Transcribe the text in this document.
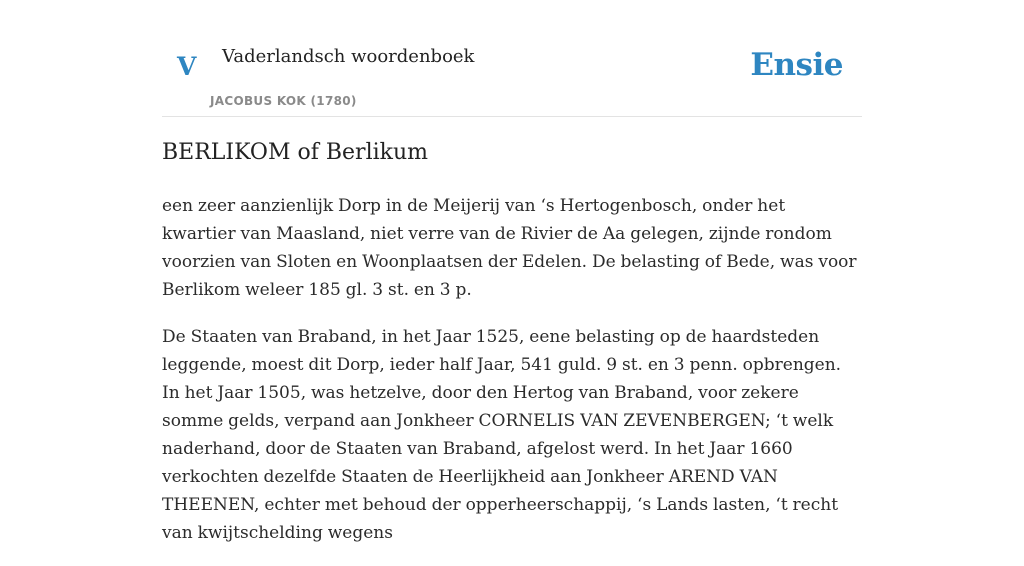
V Vaderlandsch woordenboek
JACOBUS KOK (1780)
Ensie
BERLIKOM of Berlikum

een zeer aanzienlijk Dorp in de Meijerij van ‘s Hertogenbosch, onder het kwartier van Maasland, niet verre van de Rivier de Aa gelegen, zijnde rondom voorzien van Sloten en Woonplaatsen der Edelen. De belasting of Bede, was voor Berlikom weleer 185 gl. 3 st. en 3 p.

De Staaten van Braband, in het Jaar 1525, eene belasting op de haardsteden leggende, moest dit Dorp, ieder half Jaar, 541 guld. 9 st. en 3 penn. opbrengen. In het Jaar 1505, was hetzelve, door den Hertog van Braband, voor zekere somme gelds, verpand aan Jonkheer CORNELIS VAN ZEVENBERGEN; ‘t welk naderhand, door de Staaten van Braband, afgelost werd. In het Jaar 1660 verkochten dezelfde Staaten de Heerlijkheid aan Jonkheer AREND VAN THEENEN, echter met behoud der opperheerschappij, ‘s Lands lasten, ‘t recht van kwijtschelding wegens
